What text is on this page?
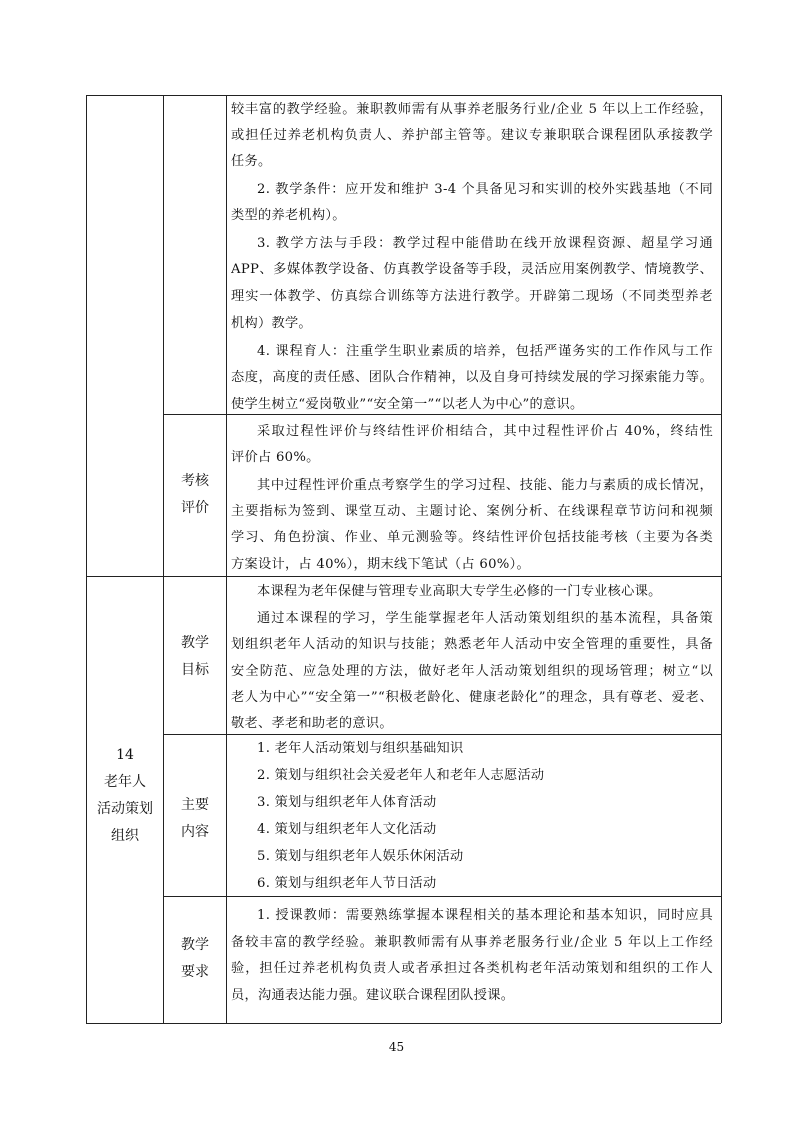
较丰富的教学经验。兼职教师需有从事养老服务行业/企业 5 年以上工作经验，
或担任过养老机构负责人、养护部主管等。建议专兼职联合课程团队承接教学
任务。
2. 教学条件：应开发和维护 3-4 个具备见习和实训的校外实践基地（不同
类型的养老机构）。
3. 教学方法与手段：教学过程中能借助在线开放课程资源、超星学习通
APP、多媒体教学设备、仿真教学设备等手段，灵活应用案例教学、情境教学、
理实一体教学、仿真综合训练等方法进行教学。开辟第二现场（不同类型养老
机构）教学。
4. 课程育人：注重学生职业素质的培养，包括严谨务实的工作作风与工作
态度，高度的责任感、团队合作精神，以及自身可持续发展的学习探索能力等。
使学生树立“爱岗敬业”“安全第一”“以老人为中心”的意识。
考核
评价
采取过程性评价与终结性评价相结合，其中过程性评价占 40%，终结性
评价占 60%。
其中过程性评价重点考察学生的学习过程、技能、能力与素质的成长情况，
主要指标为签到、课堂互动、主题讨论、案例分析、在线课程章节访问和视频
学习、角色扮演、作业、单元测验等。终结性评价包括技能考核（主要为各类
方案设计，占 40%），期末线下笔试（占 60%）。
14
老年人
活动策划
组织
教学
目标
本课程为老年保健与管理专业高职大专学生必修的一门专业核心课。
通过本课程的学习，学生能掌握老年人活动策划组织的基本流程，具备策
划组织老年人活动的知识与技能；熟悉老年人活动中安全管理的重要性，具备
安全防范、应急处理的方法，做好老年人活动策划组织的现场管理；树立“以
老人为中心”“安全第一”“积极老龄化、健康老龄化”的理念，具有尊老、爱老、
敬老、孝老和助老的意识。
主要
内容
1. 老年人活动策划与组织基础知识
2. 策划与组织社会关爱老年人和老年人志愿活动
3. 策划与组织老年人体育活动
4. 策划与组织老年人文化活动
5. 策划与组织老年人娱乐休闲活动
6. 策划与组织老年人节日活动
教学
要求
1. 授课教师：需要熟练掌握本课程相关的基本理论和基本知识，同时应具
备较丰富的教学经验。兼职教师需有从事养老服务行业/企业 5 年以上工作经
验，担任过养老机构负责人或者承担过各类机构老年活动策划和组织的工作人
员，沟通表达能力强。建议联合课程团队授课。
45
